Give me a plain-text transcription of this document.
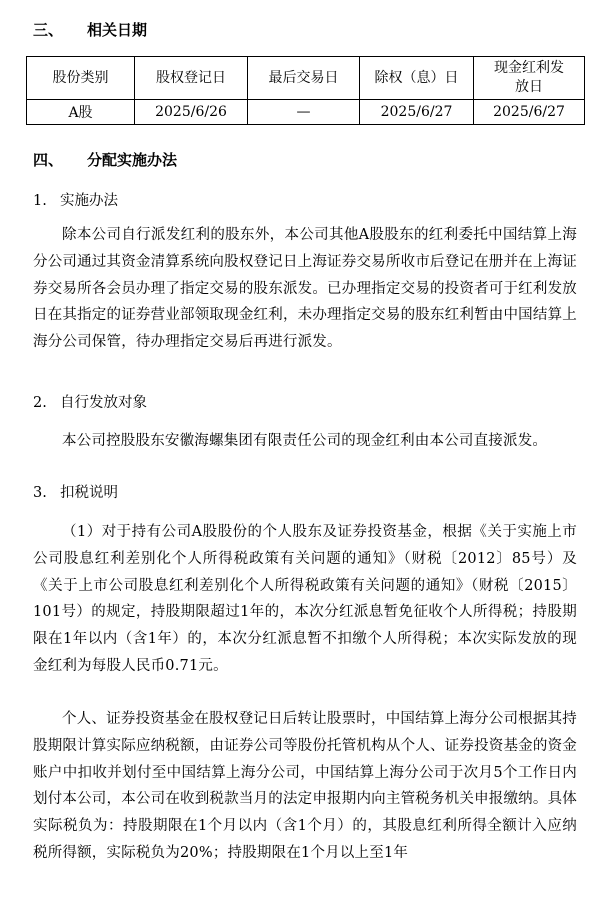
三、 相关日期
股份类别	股权登记日	最后交易日	除权（息）日	现金红利发放日
A股	2025/6/26	—	2025/6/27	2025/6/27
四、 分配实施办法
1. 实施办法

除本公司自行派发红利的股东外，本公司其他A股股东的红利委托中国结算上海分公司通过其资金清算系统向股权登记日上海证券交易所收市后登记在册并在上海证券交易所各会员办理了指定交易的股东派发。已办理指定交易的投资者可于红利发放日在其指定的证券营业部领取现金红利，未办理指定交易的股东红利暂由中国结算上海分公司保管，待办理指定交易后再进行派发。

2. 自行发放对象

本公司控股股东安徽海螺集团有限责任公司的现金红利由本公司直接派发。

3. 扣税说明

（1）对于持有公司A股股份的个人股东及证券投资基金，根据《关于实施上市公司股息红利差别化个人所得税政策有关问题的通知》（财税〔2012〕85号）及《关于上市公司股息红利差别化个人所得税政策有关问题的通知》（财税〔2015〕101号）的规定，持股期限超过1年的，本次分红派息暂免征收个人所得税；持股期限在1年以内（含1年）的，本次分红派息暂不扣缴个人所得税；本次实际发放的现金红利为每股人民币0.71元。

个人、证券投资基金在股权登记日后转让股票时，中国结算上海分公司根据其持股期限计算实际应纳税额，由证券公司等股份托管机构从个人、证券投资基金的资金账户中扣收并划付至中国结算上海分公司，中国结算上海分公司于次月5个工作日内划付本公司，本公司在收到税款当月的法定申报期内向主管税务机关申报缴纳。具体实际税负为：持股期限在1个月以内（含1个月）的，其股息红利所得全额计入应纳税所得额，实际税负为20%；持股期限在1个月以上至1年
